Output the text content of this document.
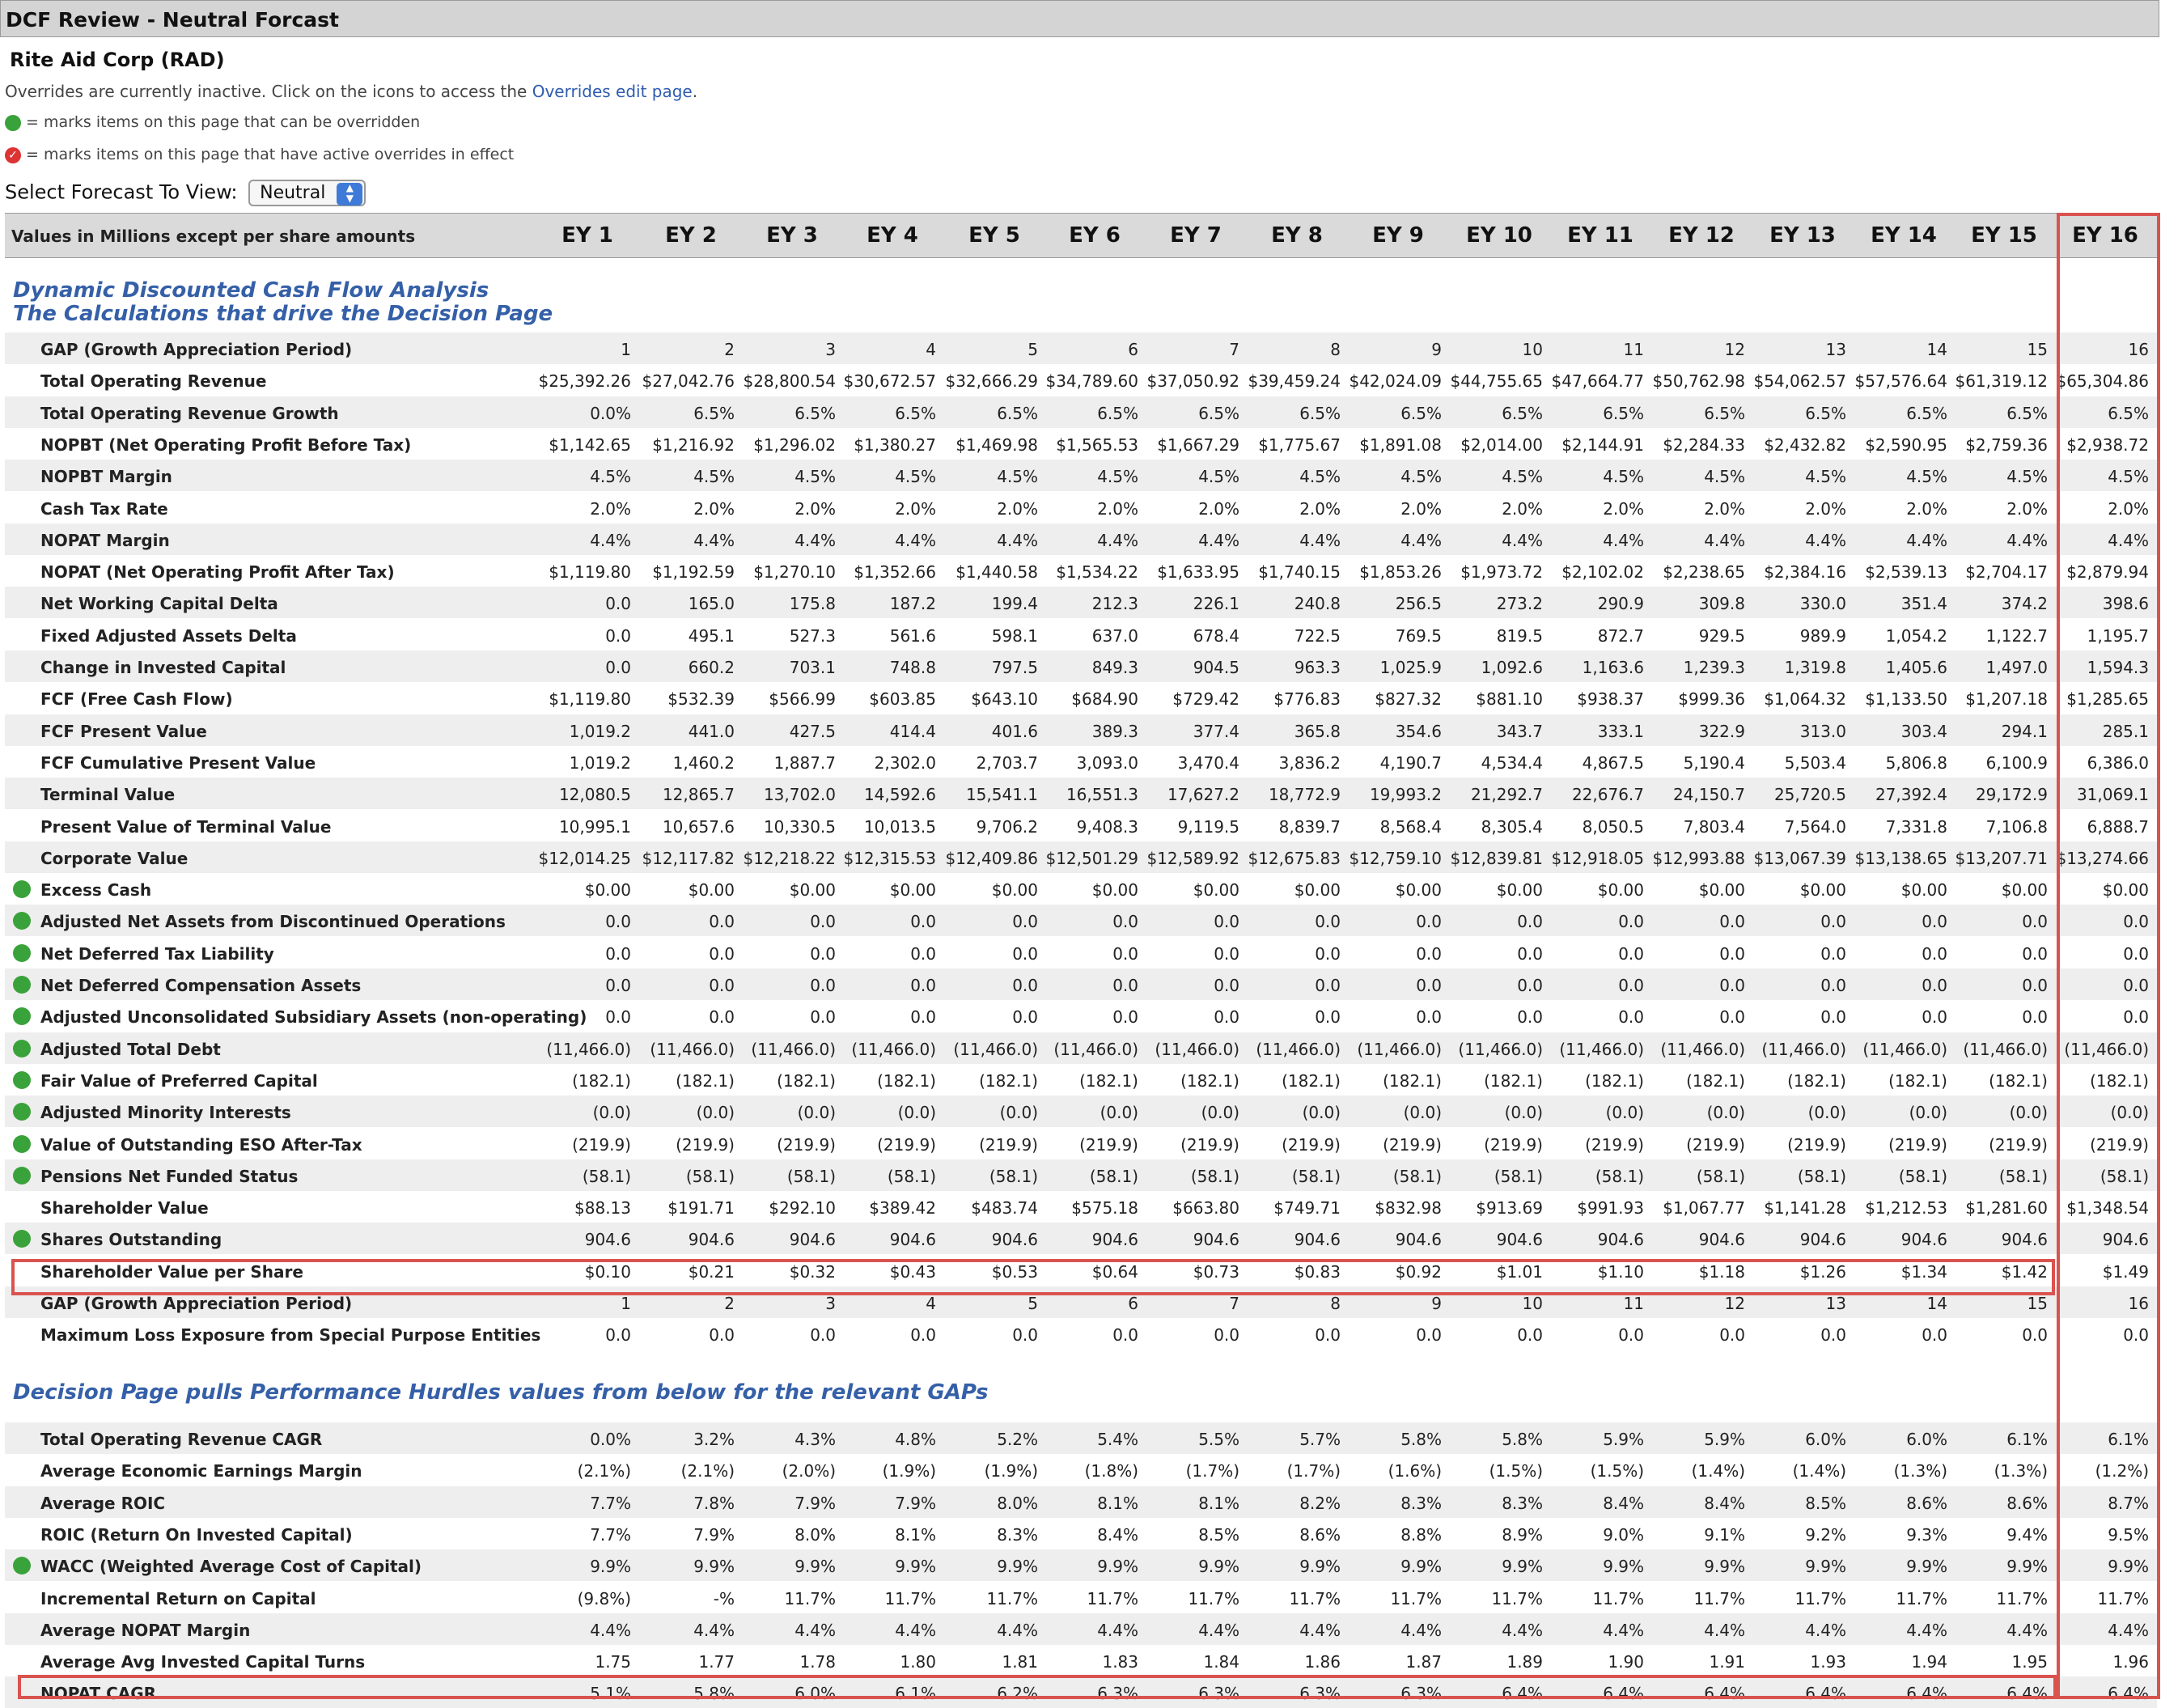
DCF Review - Neutral Forcast
Rite Aid Corp (RAD)
Overrides are currently inactive. Click on the icons to access the Overrides edit page.
= marks items on this page that can be overridden
✓ = marks items on this page that have active overrides in effect
Select Forecast To View: Neutral	▲
▼
Values in Millions except per share amounts	EY 1	EY 2	EY 3	EY 4	EY 5	EY 6	EY 7	EY 8	EY 9	EY 10	EY 11	EY 12	EY 13	EY 14	EY 15	EY 16
Dynamic Discounted Cash Flow Analysis
The Calculations that drive the Decision Page
Decision Page pulls Performance Hurdles values from below for the relevant GAPs
GAP (Growth Appreciation Period)	1	2	3	4	5	6	7	8	9	10	11	12	13	14	15	16
Total Operating Revenue	$25,392.26 $27,042.76 $28,800.54 $30,672.57 $32,666.29 $34,789.60 $37,050.92 $39,459.24 $42,024.09 $44,755.65 $47,664.77 $50,762.98 $54,062.57 $57,576.64 $61,319.12 $65,304.86
Total Operating Revenue Growth	0.0%	6.5%	6.5%	6.5%	6.5%	6.5%	6.5%	6.5%	6.5%	6.5%	6.5%	6.5%	6.5%	6.5%	6.5%	6.5%
NOPBT (Net Operating Profit Before Tax)	$1,142.65	$1,216.92	$1,296.02	$1,380.27	$1,469.98	$1,565.53	$1,667.29	$1,775.67	$1,891.08	$2,014.00	$2,144.91	$2,284.33	$2,432.82	$2,590.95	$2,759.36	$2,938.72
NOPBT Margin	4.5%	4.5%	4.5%	4.5%	4.5%	4.5%	4.5%	4.5%	4.5%	4.5%	4.5%	4.5%	4.5%	4.5%	4.5%	4.5%
Cash Tax Rate	2.0%	2.0%	2.0%	2.0%	2.0%	2.0%	2.0%	2.0%	2.0%	2.0%	2.0%	2.0%	2.0%	2.0%	2.0%	2.0%
NOPAT Margin	4.4%	4.4%	4.4%	4.4%	4.4%	4.4%	4.4%	4.4%	4.4%	4.4%	4.4%	4.4%	4.4%	4.4%	4.4%	4.4%
NOPAT (Net Operating Profit After Tax)	$1,119.80	$1,192.59	$1,270.10	$1,352.66	$1,440.58	$1,534.22	$1,633.95	$1,740.15	$1,853.26	$1,973.72	$2,102.02	$2,238.65	$2,384.16	$2,539.13	$2,704.17	$2,879.94
Net Working Capital Delta	0.0	165.0	175.8	187.2	199.4	212.3	226.1	240.8	256.5	273.2	290.9	309.8	330.0	351.4	374.2	398.6
Fixed Adjusted Assets Delta	0.0	495.1	527.3	561.6	598.1	637.0	678.4	722.5	769.5	819.5	872.7	929.5	989.9	1,054.2	1,122.7	1,195.7
Change in Invested Capital	0.0	660.2	703.1	748.8	797.5	849.3	904.5	963.3	1,025.9	1,092.6	1,163.6	1,239.3	1,319.8	1,405.6	1,497.0	1,594.3
FCF (Free Cash Flow)	$1,119.80	$532.39	$566.99	$603.85	$643.10	$684.90	$729.42	$776.83	$827.32	$881.10	$938.37	$999.36	$1,064.32	$1,133.50	$1,207.18	$1,285.65
FCF Present Value	1,019.2	441.0	427.5	414.4	401.6	389.3	377.4	365.8	354.6	343.7	333.1	322.9	313.0	303.4	294.1	285.1
FCF Cumulative Present Value	1,019.2	1,460.2	1,887.7	2,302.0	2,703.7	3,093.0	3,470.4	3,836.2	4,190.7	4,534.4	4,867.5	5,190.4	5,503.4	5,806.8	6,100.9	6,386.0
Terminal Value	12,080.5	12,865.7	13,702.0	14,592.6	15,541.1	16,551.3	17,627.2	18,772.9	19,993.2	21,292.7	22,676.7	24,150.7	25,720.5	27,392.4	29,172.9	31,069.1
Present Value of Terminal Value	10,995.1	10,657.6	10,330.5	10,013.5	9,706.2	9,408.3	9,119.5	8,839.7	8,568.4	8,305.4	8,050.5	7,803.4	7,564.0	7,331.8	7,106.8	6,888.7
Corporate Value	$12,014.25 $12,117.82 $12,218.22 $12,315.53 $12,409.86 $12,501.29 $12,589.92 $12,675.83 $12,759.10 $12,839.81 $12,918.05 $12,993.88 $13,067.39 $13,138.65 $13,207.71 $13,274.66
Excess Cash	$0.00	$0.00	$0.00	$0.00	$0.00	$0.00	$0.00	$0.00	$0.00	$0.00	$0.00	$0.00	$0.00	$0.00	$0.00	$0.00
Adjusted Net Assets from Discontinued Operations	0.0	0.0	0.0	0.0	0.0	0.0	0.0	0.0	0.0	0.0	0.0	0.0	0.0	0.0	0.0	0.0
Net Deferred Tax Liability	0.0	0.0	0.0	0.0	0.0	0.0	0.0	0.0	0.0	0.0	0.0	0.0	0.0	0.0	0.0	0.0
Net Deferred Compensation Assets	0.0	0.0	0.0	0.0	0.0	0.0	0.0	0.0	0.0	0.0	0.0	0.0	0.0	0.0	0.0	0.0
Adjusted Unconsolidated Subsidiary Assets (non-operating)	0.0	0.0	0.0	0.0	0.0	0.0	0.0	0.0	0.0	0.0	0.0	0.0	0.0	0.0	0.0	0.0
Adjusted Total Debt	(11,466.0)	(11,466.0)	(11,466.0) (11,466.0)	(11,466.0) (11,466.0)	(11,466.0)	(11,466.0)	(11,466.0)	(11,466.0)	(11,466.0)	(11,466.0)	(11,466.0)	(11,466.0) (11,466.0)	(11,466.0)
Fair Value of Preferred Capital	(182.1)	(182.1)	(182.1)	(182.1)	(182.1)	(182.1)	(182.1)	(182.1)	(182.1)	(182.1)	(182.1)	(182.1)	(182.1)	(182.1)	(182.1)	(182.1)
Adjusted Minority Interests	(0.0)	(0.0)	(0.0)	(0.0)	(0.0)	(0.0)	(0.0)	(0.0)	(0.0)	(0.0)	(0.0)	(0.0)	(0.0)	(0.0)	(0.0)	(0.0)
Value of Outstanding ESO After-Tax	(219.9)	(219.9)	(219.9)	(219.9)	(219.9)	(219.9)	(219.9)	(219.9)	(219.9)	(219.9)	(219.9)	(219.9)	(219.9)	(219.9)	(219.9)	(219.9)
Pensions Net Funded Status	(58.1)	(58.1)	(58.1)	(58.1)	(58.1)	(58.1)	(58.1)	(58.1)	(58.1)	(58.1)	(58.1)	(58.1)	(58.1)	(58.1)	(58.1)	(58.1)
Shareholder Value	$88.13	$191.71	$292.10	$389.42	$483.74	$575.18	$663.80	$749.71	$832.98	$913.69	$991.93	$1,067.77	$1,141.28	$1,212.53	$1,281.60	$1,348.54
Shares Outstanding	904.6	904.6	904.6	904.6	904.6	904.6	904.6	904.6	904.6	904.6	904.6	904.6	904.6	904.6	904.6	904.6
Shareholder Value per Share	$0.10	$0.21	$0.32	$0.43	$0.53	$0.64	$0.73	$0.83	$0.92	$1.01	$1.10	$1.18	$1.26	$1.34	$1.42	$1.49
GAP (Growth Appreciation Period)	1	2	3	4	5	6	7	8	9	10	11	12	13	14	15	16
Maximum Loss Exposure from Special Purpose Entities	0.0	0.0	0.0	0.0	0.0	0.0	0.0	0.0	0.0	0.0	0.0	0.0	0.0	0.0	0.0	0.0
Total Operating Revenue CAGR	0.0%	3.2%	4.3%	4.8%	5.2%	5.4%	5.5%	5.7%	5.8%	5.8%	5.9%	5.9%	6.0%	6.0%	6.1%	6.1%
Average Economic Earnings Margin	(2.1%)	(2.1%)	(2.0%)	(1.9%)	(1.9%)	(1.8%)	(1.7%)	(1.7%)	(1.6%)	(1.5%)	(1.5%)	(1.4%)	(1.4%)	(1.3%)	(1.3%)	(1.2%)
Average ROIC	7.7%	7.8%	7.9%	7.9%	8.0%	8.1%	8.1%	8.2%	8.3%	8.3%	8.4%	8.4%	8.5%	8.6%	8.6%	8.7%
ROIC (Return On Invested Capital)	7.7%	7.9%	8.0%	8.1%	8.3%	8.4%	8.5%	8.6%	8.8%	8.9%	9.0%	9.1%	9.2%	9.3%	9.4%	9.5%
WACC (Weighted Average Cost of Capital)	9.9%	9.9%	9.9%	9.9%	9.9%	9.9%	9.9%	9.9%	9.9%	9.9%	9.9%	9.9%	9.9%	9.9%	9.9%	9.9%
Incremental Return on Capital	(9.8%)	-%	11.7%	11.7%	11.7%	11.7%	11.7%	11.7%	11.7%	11.7%	11.7%	11.7%	11.7%	11.7%	11.7%	11.7%
Average NOPAT Margin	4.4%	4.4%	4.4%	4.4%	4.4%	4.4%	4.4%	4.4%	4.4%	4.4%	4.4%	4.4%	4.4%	4.4%	4.4%	4.4%
Average Avg Invested Capital Turns	1.75	1.77	1.78	1.80	1.81	1.83	1.84	1.86	1.87	1.89	1.90	1.91	1.93	1.94	1.95	1.96
NOPAT CAGR	5.1%	5.8%	6.0%	6.1%	6.2%	6.3%	6.3%	6.3%	6.3%	6.4%	6.4%	6.4%	6.4%	6.4%	6.4%	6.4%
